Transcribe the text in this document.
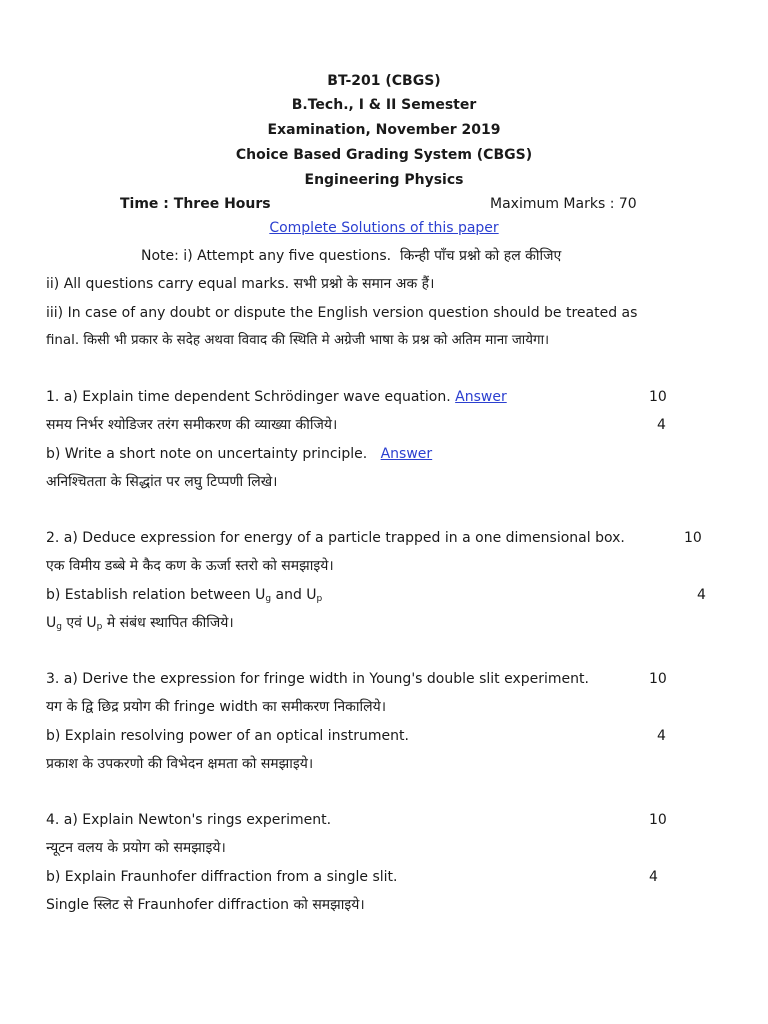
BT-201 (CBGS)
B.Tech., I & II Semester
Examination, November 2019
Choice Based Grading System (CBGS)
Engineering Physics
Time : Three Hours	Maximum Marks : 70
Complete Solutions of this paper
Note: i) Attempt any five questions. किन्ही पाँच प्रश्नो को हल कीजिए
ii) All questions carry equal marks. सभी प्रश्नो के समान अक हैं।
iii) In case of any doubt or dispute the English version question should be treated as
final. किसी भी प्रकार के सदेह अथवा विवाद की स्थिति मे अग्रेजी भाषा के प्रश्न को अतिम माना जायेगा।
1. a) Explain time dependent Schrödinger wave equation. Answer	10
समय निर्भर श्योडिजर तरंग समीकरण की व्याख्या कीजिये।	4
b) Write a short note on uncertainty principle. Answer
अनिश्चितता के सिद्धांत पर लघु टिप्पणी लिखे।
2. a) Deduce expression for energy of a particle trapped in a one dimensional box.	10
एक विमीय डब्बे मे कैद कण के ऊर्जा स्तरो को समझाइये।
b) Establish relation between $U_g$ and $U_p$	4
$U_g$ एवं $U_p$ मे संबंध स्थापित कीजिये।
3. a) Derive the expression for fringe width in Young's double slit experiment.	10
यग के द्वि छिद्र प्रयोग की fringe width का समीकरण निकालिये।
b) Explain resolving power of an optical instrument.	4
प्रकाश के उपकरणो की विभेदन क्षमता को समझाइये।
4. a) Explain Newton's rings experiment.	10
न्यूटन वलय के प्रयोग को समझाइये।
b) Explain Fraunhofer diffraction from a single slit.	4
Single स्लिट से Fraunhofer diffraction को समझाइये।
